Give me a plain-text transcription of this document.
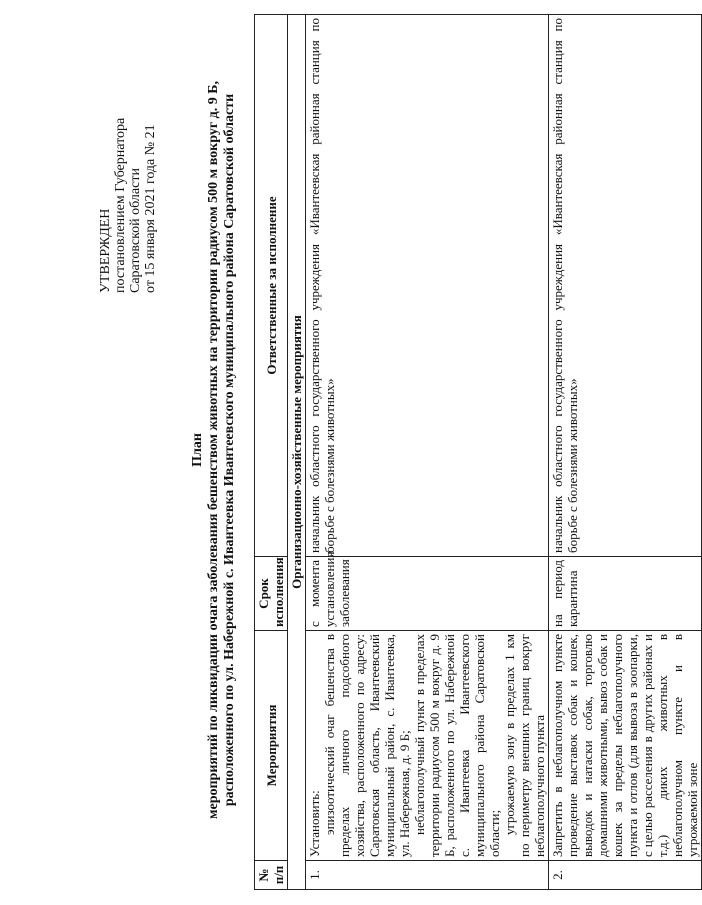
УТВЕРЖДЕН постановлением Губернатора Саратовской области от 15 января 2021 года № 21
План мероприятий по ликвидации очага заболевания бешенством животных на территории радиусом 500 м вокруг д. 9 Б, расположенного по ул. Набережной с. Ивантеевка Ивантеевского муниципального района Саратовской области
№ п/п	Мероприятия	Срок исполнения	Ответственные за исполнение
Организационно-хозяйственные мероприятия			
1.	Установить: эпизоотический очаг бешенства в пределах личного подсобного хозяйства, расположенного по адресу: Саратовская область, Ивантеевский муниципальный район, с. Ивантеевка, ул. Набережная, д. 9 Б; неблагополучный пункт в пределах территории радиусом 500 м вокруг д. 9 Б, расположенного по ул. Набережной с. Ивантеевка Ивантеевского муниципального района Саратовской области; угрожаемую зону в пределах 1 км по периметру внешних границ вокруг неблагополучного пункта	с момента установления заболевания	начальник областного государственного учреждения «Ивантеевская районная станция по борьбе с болезнями животных»
2.	Запретить в неблагополучном пункте проведение выставок собак и кошек, выводок и натаски собак, торговлю домашними животными, вывоз собак и кошек за пределы неблагополучного пункта и отлов (для вывоза в зоопарки, с целью расселения в других районах и т.д.) диких животных в неблагополучном пункте и в угрожаемой зоне	на период карантина	начальник областного государственного учреждения «Ивантеевская районная станция по борьбе с болезнями животных»
